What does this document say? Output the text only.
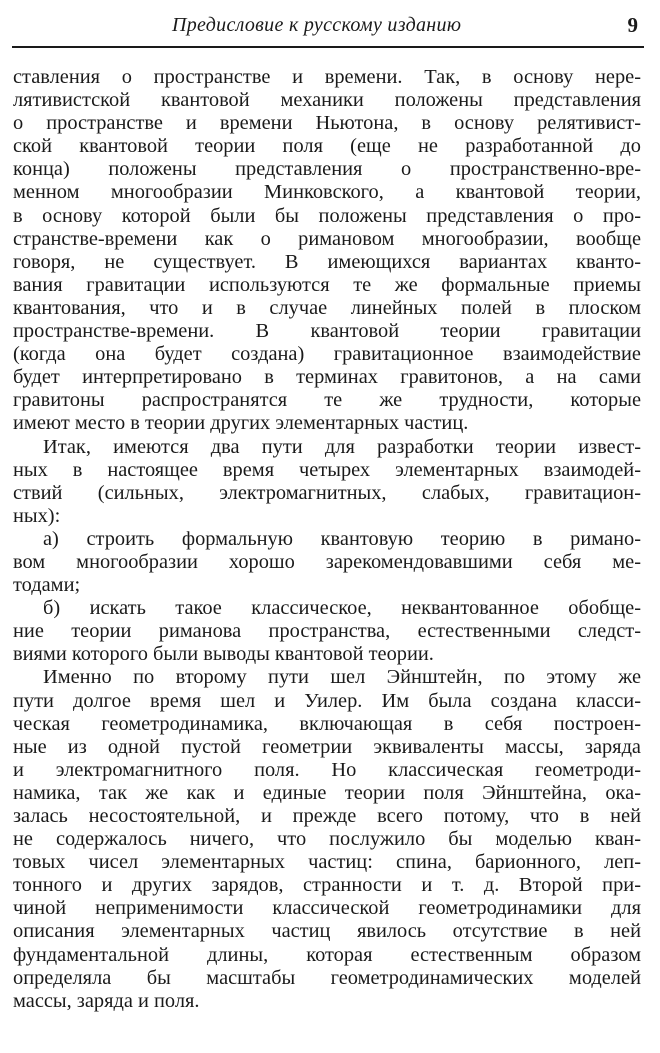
Предисловие к русскому изданию	9
ставления о пространстве и времени. Так, в основу нере-
лятивистской квантовой механики положены представления
о пространстве и времени Ньютона, в основу релятивист-
ской квантовой теории поля (еще не разработанной до
конца) положены представления о пространственно-вре-
менном многообразии Минковского, а квантовой теории,
в основу которой были бы положены представления о про-
странстве-времени как о римановом многообразии, вообще
говоря, не существует. В имеющихся вариантах кванто-
вания гравитации используются те же формальные приемы
квантования, что и в случае линейных полей в плоском
пространстве-времени. В квантовой теории гравитации
(когда она будет создана) гравитационное взаимодействие
будет интерпретировано в терминах гравитонов, а на сами
гравитоны распространятся те же трудности, которые
имеют место в теории других элементарных частиц.
Итак, имеются два пути для разработки теории извест-
ных в настоящее время четырех элементарных взаимодей-
ствий (сильных, электромагнитных, слабых, гравитацион-
ных):
а) строить формальную квантовую теорию в римано-
вом многообразии хорошо зарекомендовавшими себя ме-
тодами;
б) искать такое классическое, неквантованное обобще-
ние теории риманова пространства, естественными следст-
виями которого были выводы квантовой теории.
Именно по второму пути шел Эйнштейн, по этому же
пути долгое время шел и Уилер. Им была создана класси-
ческая геометродинамика, включающая в себя построен-
ные из одной пустой геометрии эквиваленты массы, заряда
и электромагнитного поля. Но классическая геометроди-
намика, так же как и единые теории поля Эйнштейна, ока-
залась несостоятельной, и прежде всего потому, что в ней
не содержалось ничего, что послужило бы моделью кван-
товых чисел элементарных частиц: спина, барионного, леп-
тонного и других зарядов, странности и т. д. Второй при-
чиной неприменимости классической геометродинамики для
описания элементарных частиц явилось отсутствие в ней
фундаментальной длины, которая естественным образом
определяла бы масштабы геометродинамических моделей
массы, заряда и поля.
